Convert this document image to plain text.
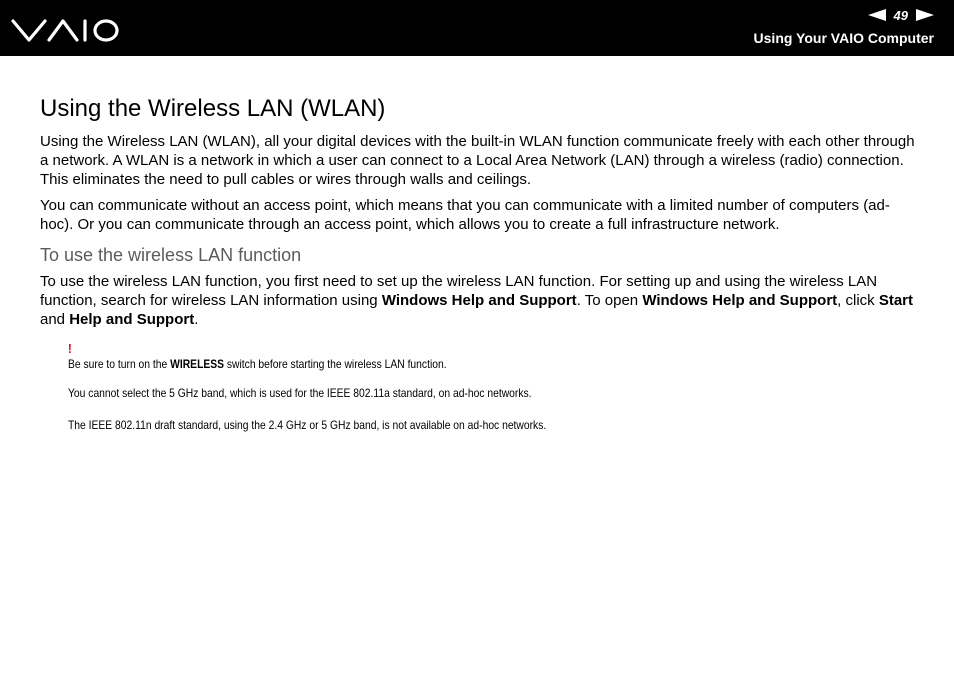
49
Using Your VAIO Computer
Using the Wireless LAN (WLAN)

Using the Wireless LAN (WLAN), all your digital devices with the built-in WLAN function communicate freely with each other through a network. A WLAN is a network in which a user can connect to a Local Area Network (LAN) through a wireless (radio) connection. This eliminates the need to pull cables or wires through walls and ceilings.

You can communicate without an access point, which means that you can communicate with a limited number of computers (ad-hoc). Or you can communicate through an access point, which allows you to create a full infrastructure network.

To use the wireless LAN function

To use the wireless LAN function, you first need to set up the wireless LAN function. For setting up and using the wireless LAN function, search for wireless LAN information using Windows Help and Support. To open Windows Help and Support, click Start and Help and Support.

!

Be sure to turn on the WIRELESS switch before starting the wireless LAN function.

You cannot select the 5 GHz band, which is used for the IEEE 802.11a standard, on ad-hoc networks.

The IEEE 802.11n draft standard, using the 2.4 GHz or 5 GHz band, is not available on ad-hoc networks.
